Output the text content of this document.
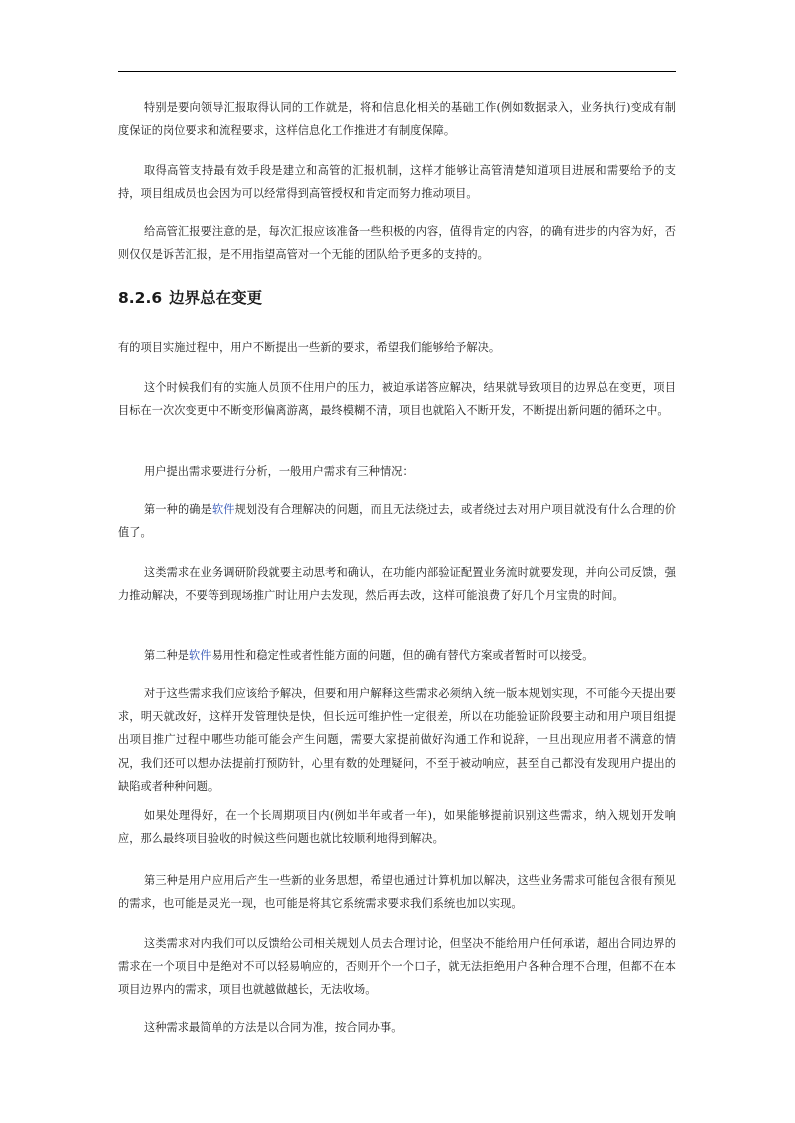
特别是要向领导汇报取得认同的工作就是，将和信息化相关的基础工作(例如数据录入，业务执行)变成有制度保证的岗位要求和流程要求，这样信息化工作推进才有制度保障。

取得高管支持最有效手段是建立和高管的汇报机制，这样才能够让高管清楚知道项目进展和需要给予的支持，项目组成员也会因为可以经常得到高管授权和肯定而努力推动项目。

给高管汇报要注意的是，每次汇报应该准备一些积极的内容，值得肯定的内容，的确有进步的内容为好，否则仅仅是诉苦汇报，是不用指望高管对一个无能的团队给予更多的支持的。

8.2.6 边界总在变更

有的项目实施过程中，用户不断提出一些新的要求，希望我们能够给予解决。

这个时候我们有的实施人员顶不住用户的压力，被迫承诺答应解决，结果就导致项目的边界总在变更，项目目标在一次次变更中不断变形偏离游离，最终模糊不清，项目也就陷入不断开发，不断提出新问题的循环之中。

用户提出需求要进行分析，一般用户需求有三种情况：

第一种的确是软件规划没有合理解决的问题，而且无法绕过去，或者绕过去对用户项目就没有什么合理的价值了。

这类需求在业务调研阶段就要主动思考和确认，在功能内部验证配置业务流时就要发现，并向公司反馈，强力推动解决，不要等到现场推广时让用户去发现，然后再去改，这样可能浪费了好几个月宝贵的时间。

第二种是软件易用性和稳定性或者性能方面的问题，但的确有替代方案或者暂时可以接受。

对于这些需求我们应该给予解决，但要和用户解释这些需求必须纳入统一版本规划实现，不可能今天提出要求，明天就改好，这样开发管理快是快，但长远可维护性一定很差，所以在功能验证阶段要主动和用户项目组提出项目推广过程中哪些功能可能会产生问题，需要大家提前做好沟通工作和说辞，一旦出现应用者不满意的情况，我们还可以想办法提前打预防针，心里有数的处理疑问，不至于被动响应，甚至自己都没有发现用户提出的缺陷或者种种问题。

如果处理得好，在一个长周期项目内(例如半年或者一年)，如果能够提前识别这些需求，纳入规划开发响应，那么最终项目验收的时候这些问题也就比较顺利地得到解决。

第三种是用户应用后产生一些新的业务思想，希望也通过计算机加以解决，这些业务需求可能包含很有预见的需求，也可能是灵光一现，也可能是将其它系统需求要求我们系统也加以实现。

这类需求对内我们可以反馈给公司相关规划人员去合理讨论，但坚决不能给用户任何承诺，超出合同边界的需求在一个项目中是绝对不可以轻易响应的，否则开个一个口子，就无法拒绝用户各种合理不合理，但都不在本项目边界内的需求，项目也就越做越长，无法收场。

这种需求最简单的方法是以合同为准，按合同办事。
